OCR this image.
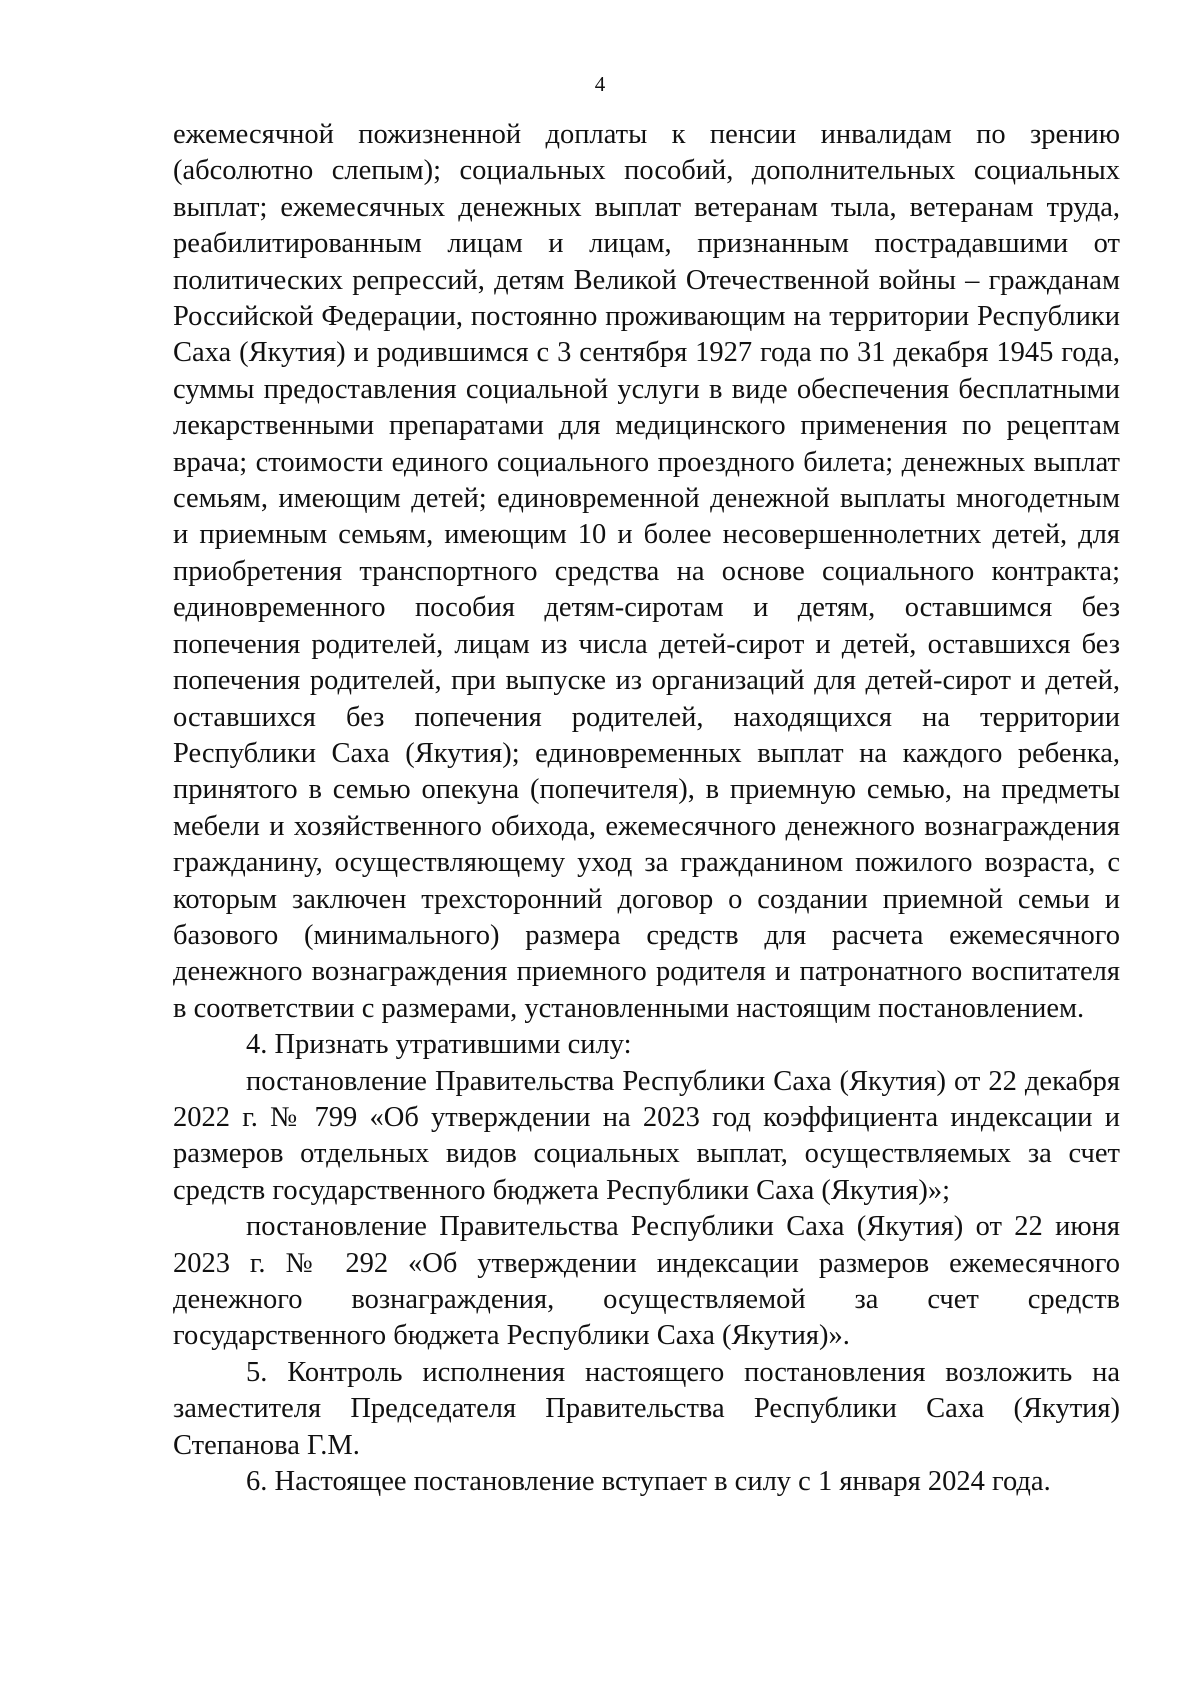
4

ежемесячной пожизненной доплаты к пенсии инвалидам по зрению (абсолютно слепым); социальных пособий, дополнительных социальных выплат; ежемесячных денежных выплат ветеранам тыла, ветеранам труда, реабилитированным лицам и лицам, признанным пострадавшими от политических репрессий, детям Великой Отечественной войны – гражданам Российской Федерации, постоянно проживающим на территории Республики Саха (Якутия) и родившимся с 3 сентября 1927 года по 31 декабря 1945 года, суммы предоставления социальной услуги в виде обеспечения бесплатными лекарственными препаратами для медицинского применения по рецептам врача; стоимости единого социального проездного билета; денежных выплат семьям, имеющим детей; единовременной денежной выплаты многодетным и приемным семьям, имеющим 10 и более несовершеннолетних детей, для приобретения транспортного средства на основе социального контракта; единовременного пособия детям-сиротам и детям, оставшимся без попечения родителей, лицам из числа детей-сирот и детей, оставшихся без попечения родителей, при выпуске из организаций для детей-сирот и детей, оставшихся без попечения родителей, находящихся на территории Республики Саха (Якутия); единовременных выплат на каждого ребенка, принятого в семью опекуна (попечителя), в приемную семью, на предметы мебели и хозяйственного обихода, ежемесячного денежного вознаграждения гражданину, осуществляющему уход за гражданином пожилого возраста, с которым заключен трехсторонний договор о создании приемной семьи и базового (минимального) размера средств для расчета ежемесячного денежного вознаграждения приемного родителя и патронатного воспитателя в соответствии с размерами, установленными настоящим постановлением.

4. Признать утратившими силу:

постановление Правительства Республики Саха (Якутия) от 22 декабря 2022 г. № 799 «Об утверждении на 2023 год коэффициента индексации и размеров отдельных видов социальных выплат, осуществляемых за счет средств государственного бюджета Республики Саха (Якутия)»;

постановление Правительства Республики Саха (Якутия) от 22 июня 2023 г. № 292 «Об утверждении индексации размеров ежемесячного денежного вознаграждения, осуществляемой за счет средств государственного бюджета Республики Саха (Якутия)».

5. Контроль исполнения настоящего постановления возложить на заместителя Председателя Правительства Республики Саха (Якутия) Степанова Г.М.

6. Настоящее постановление вступает в силу с 1 января 2024 года.
